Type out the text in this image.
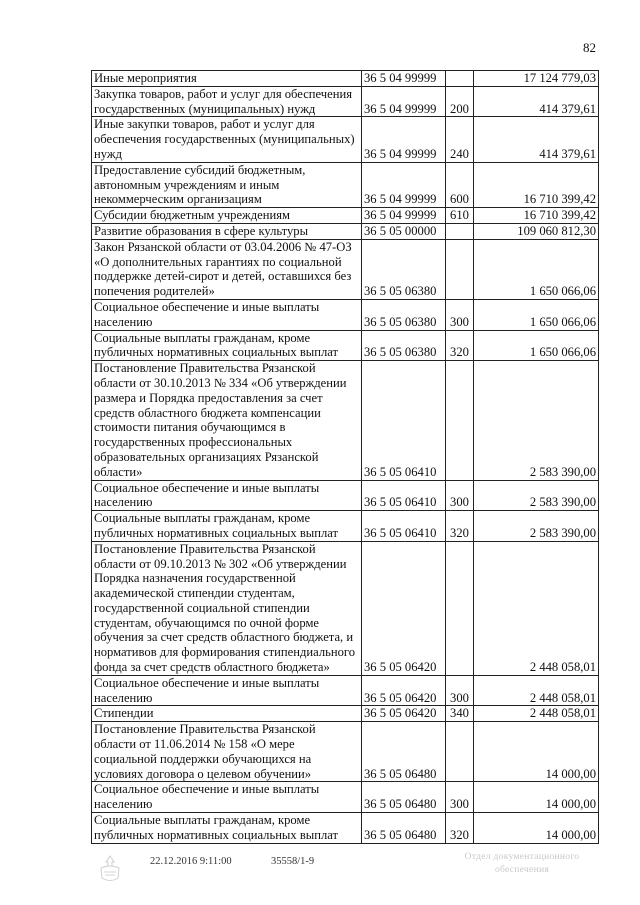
82
Иные мероприятия	36 5 04 99999		17 124 779,03
Закупка товаров, работ и услуг для обеспечения государственных (муниципальных) нужд	36 5 04 99999	200	414 379,61
Иные закупки товаров, работ и услуг для обеспечения государственных (муниципальных) нужд	36 5 04 99999	240	414 379,61
Предоставление субсидий бюджетным, автономным учреждениям и иным некоммерческим организациям	36 5 04 99999	600	16 710 399,42
Субсидии бюджетным учреждениям	36 5 04 99999	610	16 710 399,42
Развитие образования в сфере культуры	36 5 05 00000		109 060 812,30
Закон Рязанской области от 03.04.2006 № 47-ОЗ «О дополнительных гарантиях по социальной поддержке детей-сирот и детей, оставшихся без попечения родителей»	36 5 05 06380		1 650 066,06
Социальное обеспечение и иные выплаты населению	36 5 05 06380	300	1 650 066,06
Социальные выплаты гражданам, кроме публичных нормативных социальных выплат	36 5 05 06380	320	1 650 066,06
Постановление Правительства Рязанской области от 30.10.2013 № 334 «Об утверждении размера и Порядка предоставления за счет средств областного бюджета компенсации стоимости питания обучающимся в государственных профессиональных образовательных организациях Рязанской области»	36 5 05 06410		2 583 390,00
Социальное обеспечение и иные выплаты населению	36 5 05 06410	300	2 583 390,00
Социальные выплаты гражданам, кроме публичных нормативных социальных выплат	36 5 05 06410	320	2 583 390,00
Постановление Правительства Рязанской области от 09.10.2013 № 302 «Об утверждении Порядка назначения государственной академической стипендии студентам, государственной социальной стипендии студентам, обучающимся по очной форме обучения за счет средств областного бюджета, и нормативов для формирования стипендиального фонда за счет средств областного бюджета»	36 5 05 06420		2 448 058,01
Социальное обеспечение и иные выплаты населению	36 5 05 06420	300	2 448 058,01
Стипендии	36 5 05 06420	340	2 448 058,01
Постановление Правительства Рязанской области от 11.06.2014 № 158 «О мере социальной поддержки обучающихся на условиях договора о целевом обучении»	36 5 05 06480		14 000,00
Социальное обеспечение и иные выплаты населению	36 5 05 06480	300	14 000,00
Социальные выплаты гражданам, кроме публичных нормативных социальных выплат	36 5 05 06480	320	14 000,00
22.12.2016 9:11:00	35558/1-9	Отдел документационного
обеспечения
